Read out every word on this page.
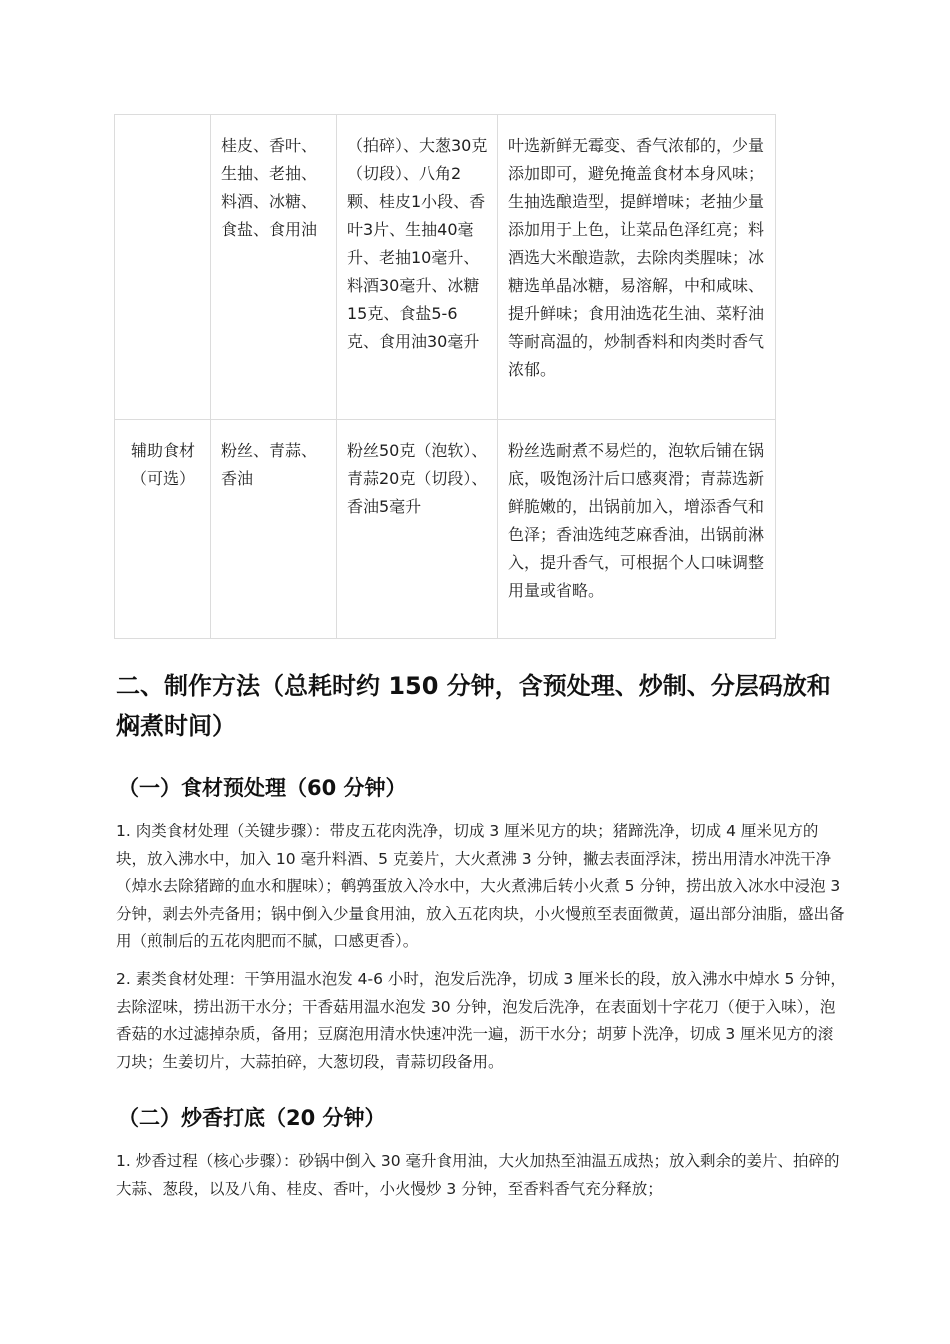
	桂皮、香叶、生抽、老抽、料酒、冰糖、食盐、食用油	（拍碎）、大葱30克（切段）、八角2颗、桂皮1小段、香叶3片、生抽40毫升、老抽10毫升、料酒30毫升、冰糖15克、食盐5-6克、食用油30毫升	叶选新鲜无霉变、香气浓郁的，少量添加即可，避免掩盖食材本身风味；生抽选酿造型，提鲜增味；老抽少量添加用于上色，让菜品色泽红亮；料酒选大米酿造款，去除肉类腥味；冰糖选单晶冰糖，易溶解，中和咸味、提升鲜味；食用油选花生油、菜籽油等耐高温的，炒制香料和肉类时香气浓郁。
辅助食材（可选）	粉丝、青蒜、香油	粉丝50克（泡软）、青蒜20克（切段）、香油5毫升	粉丝选耐煮不易烂的，泡软后铺在锅底，吸饱汤汁后口感爽滑；青蒜选新鲜脆嫩的，出锅前加入，增添香气和色泽；香油选纯芝麻香油，出锅前淋入，提升香气，可根据个人口味调整用量或省略。
二、制作方法（总耗时约 150 分钟，含预处理、炒制、分层码放和焖煮时间）
（一）食材预处理（60 分钟）

1. 肉类食材处理（关键步骤）：带皮五花肉洗净，切成 3 厘米见方的块；猪蹄洗净，切成 4 厘米见方的块，放入沸水中，加入 10 毫升料酒、5 克姜片，大火煮沸 3 分钟，撇去表面浮沫，捞出用清水冲洗干净（焯水去除猪蹄的血水和腥味）；鹌鹑蛋放入冷水中，大火煮沸后转小火煮 5 分钟，捞出放入冰水中浸泡 3 分钟，剥去外壳备用；锅中倒入少量食用油，放入五花肉块，小火慢煎至表面微黄，逼出部分油脂，盛出备用（煎制后的五花肉肥而不腻，口感更香）。

2. 素类食材处理：干笋用温水泡发 4-6 小时，泡发后洗净，切成 3 厘米长的段，放入沸水中焯水 5 分钟，去除涩味，捞出沥干水分；干香菇用温水泡发 30 分钟，泡发后洗净，在表面划十字花刀（便于入味），泡香菇的水过滤掉杂质，备用；豆腐泡用清水快速冲洗一遍，沥干水分；胡萝卜洗净，切成 3 厘米见方的滚刀块；生姜切片，大蒜拍碎，大葱切段，青蒜切段备用。

（二）炒香打底（20 分钟）

1. 炒香过程（核心步骤）：砂锅中倒入 30 毫升食用油，大火加热至油温五成热；放入剩余的姜片、拍碎的大蒜、葱段，以及八角、桂皮、香叶，小火慢炒 3 分钟，至香料香气充分释放；
